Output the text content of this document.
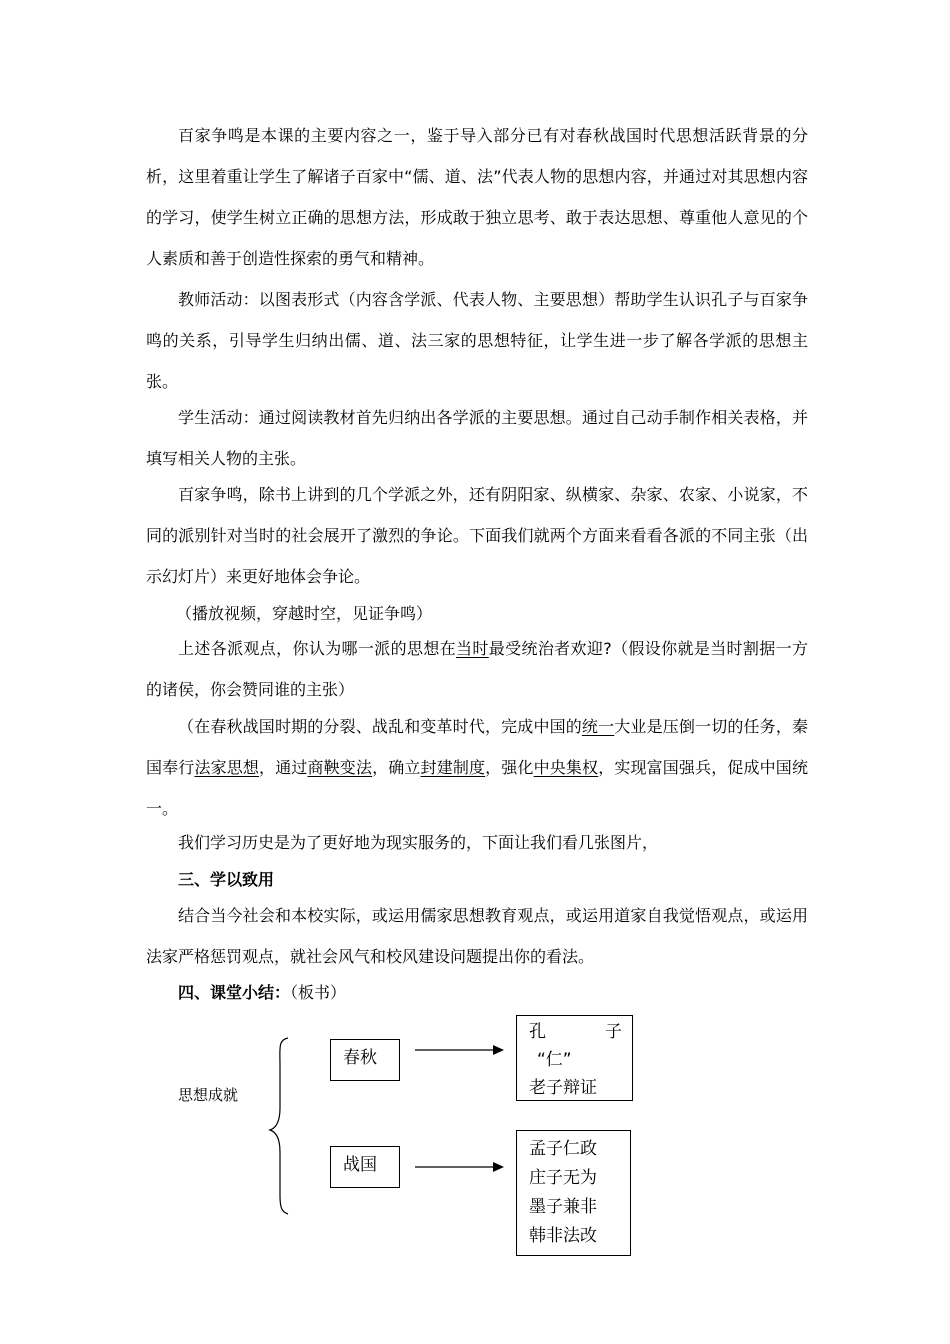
百家争鸣是本课的主要内容之一，鉴于导入部分已有对春秋战国时代思想活跃背景的分析，这里着重让学生了解诸子百家中“儒、道、法”代表人物的思想内容，并通过对其思想内容的学习，使学生树立正确的思想方法，形成敢于独立思考、敢于表达思想、尊重他人意见的个人素质和善于创造性探索的勇气和精神。

教师活动：以图表形式（内容含学派、代表人物、主要思想）帮助学生认识孔子与百家争鸣的关系，引导学生归纳出儒、道、法三家的思想特征，让学生进一步了解各学派的思想主张。

学生活动：通过阅读教材首先归纳出各学派的主要思想。通过自己动手制作相关表格，并填写相关人物的主张。

百家争鸣，除书上讲到的几个学派之外，还有阴阳家、纵横家、杂家、农家、小说家，不同的派别针对当时的社会展开了激烈的争论。下面我们就两个方面来看看各派的不同主张（出示幻灯片）来更好地体会争论。

（播放视频，穿越时空，见证争鸣）

上述各派观点，你认为哪一派的思想在当时最受统治者欢迎?（假设你就是当时割据一方的诸侯，你会赞同谁的主张）

（在春秋战国时期的分裂、战乱和变革时代，完成中国的统一大业是压倒一切的任务，秦国奉行法家思想，通过商鞅变法，确立封建制度，强化中央集权，实现富国强兵，促成中国统一。

我们学习历史是为了更好地为现实服务的，下面让我们看几张图片，

三、学以致用

结合当今社会和本校实际，或运用儒家思想教育观点，或运用道家自我觉悟观点，或运用法家严格惩罚观点，就社会风气和校风建设问题提出你的看法。

四、课堂小结：（板书）

思想成就
春秋
战国
孔	子
“仁”
老子辩证
孟子仁政
庄子无为
墨子兼非
韩非法改
